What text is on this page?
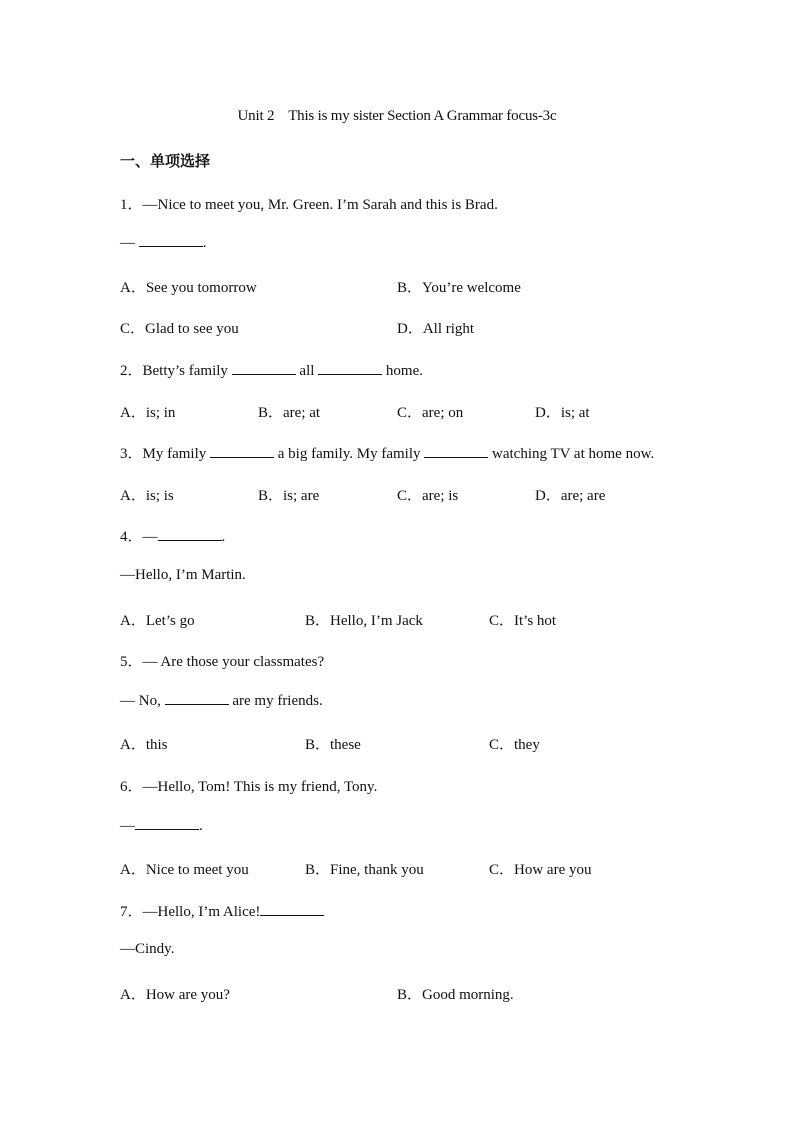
Unit 2    This is my sister Section A Grammar focus-3c
一、单项选择
1．—Nice to meet you, Mr. Green. I’m Sarah and this is Brad.
—	.
A．See you tomorrow	B．You’re welcome
C．Glad to see you	D．All right
2．Betty’s family	all	home.
A．is; in	B．are; at	C．are; on	D．is; at
3．My family	a big family. My family	watching TV at home now.
A．is; is	B．is; are	C．are; is	D．are; are
4．—	.
—Hello, I’m Martin.
A．Let’s go	B．Hello, I’m Jack	C．It’s hot
5．— Are those your classmates?
— No,	are my friends.
A．this	B．these	C．they
6．—Hello, Tom! This is my friend, Tony.
—	.
A．Nice to meet you	B．Fine, thank you	C．How are you
7．—Hello, I’m Alice!
—Cindy.
A．How are you?	B．Good morning.
